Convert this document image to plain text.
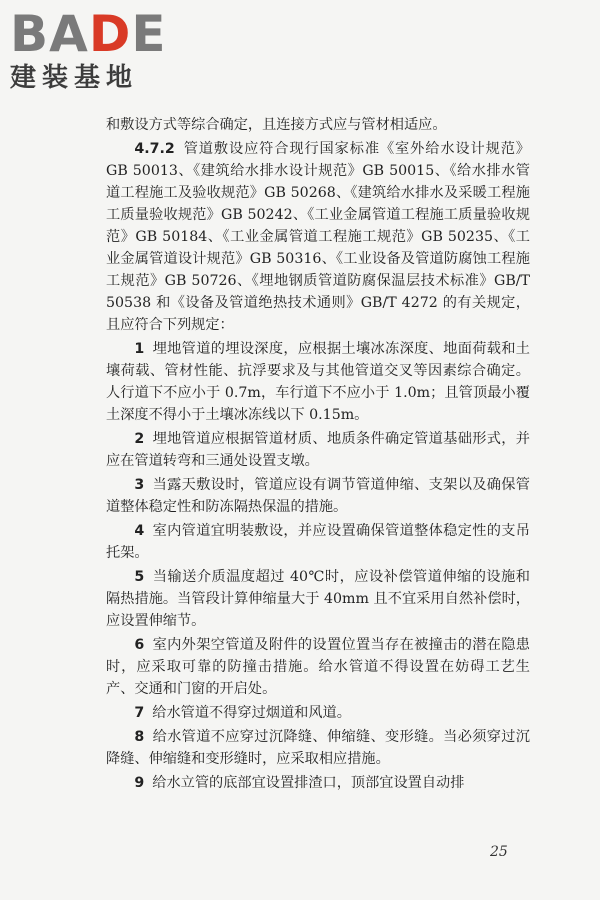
BADE
建装基地

和敷设方式等综合确定，且连接方式应与管材相适应。

4.7.2 管道敷设应符合现行国家标准《室外给水设计规范》GB 50013、《建筑给水排水设计规范》GB 50015、《给水排水管道工程施工及验收规范》GB 50268、《建筑给水排水及采暖工程施工质量验收规范》GB 50242、《工业金属管道工程施工质量验收规范》GB 50184、《工业金属管道工程施工规范》GB 50235、《工业金属管道设计规范》GB 50316、《工业设备及管道防腐蚀工程施工规范》GB 50726、《埋地钢质管道防腐保温层技术标准》GB/T 50538 和《设备及管道绝热技术通则》GB/T 4272 的有关规定，且应符合下列规定：

1 埋地管道的埋设深度，应根据土壤冰冻深度、地面荷载和土壤荷载、管材性能、抗浮要求及与其他管道交叉等因素综合确定。人行道下不应小于 0.7m，车行道下不应小于 1.0m；且管顶最小覆土深度不得小于土壤冰冻线以下 0.15m。

2 埋地管道应根据管道材质、地质条件确定管道基础形式，并应在管道转弯和三通处设置支墩。

3 当露天敷设时，管道应设有调节管道伸缩、支架以及确保管道整体稳定性和防冻隔热保温的措施。

4 室内管道宜明装敷设，并应设置确保管道整体稳定性的支吊托架。

5 当输送介质温度超过 40℃时，应设补偿管道伸缩的设施和隔热措施。当管段计算伸缩量大于 40mm 且不宜采用自然补偿时，应设置伸缩节。

6 室内外架空管道及附件的设置位置当存在被撞击的潜在隐患时，应采取可靠的防撞击措施。给水管道不得设置在妨碍工艺生产、交通和门窗的开启处。

7 给水管道不得穿过烟道和风道。

8 给水管道不应穿过沉降缝、伸缩缝、变形缝。当必须穿过沉降缝、伸缩缝和变形缝时，应采取相应措施。

9 给水立管的底部宜设置排渣口，顶部宜设置自动排

25
